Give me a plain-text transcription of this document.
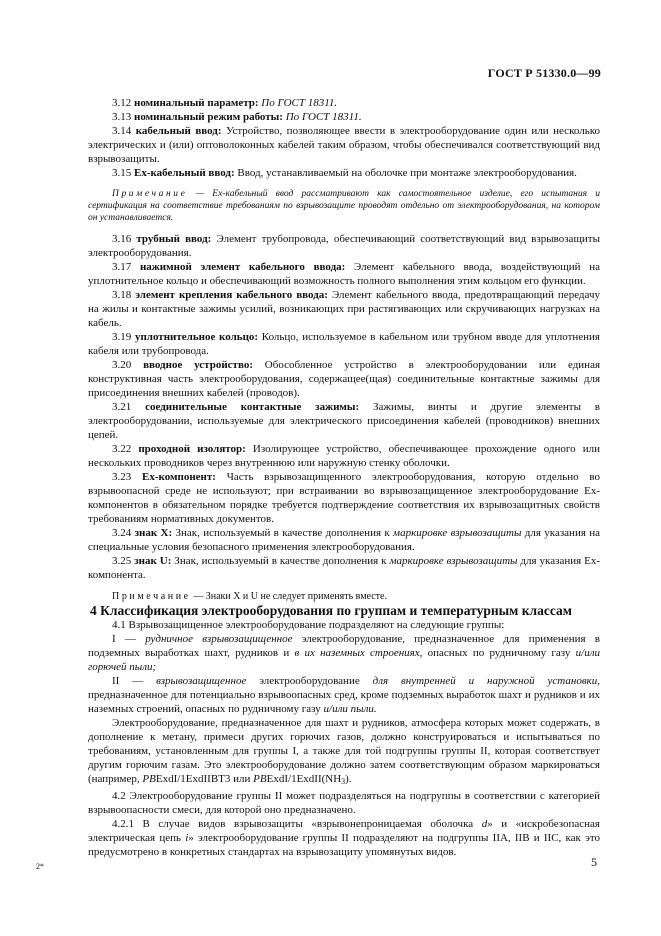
ГОСТ Р 51330.0—99

3.12 номинальный параметр: По ГОСТ 18311.

3.13 номинальный режим работы: По ГОСТ 18311.

3.14 кабельный ввод: Устройство, позволяющее ввести в электрооборудование один или несколько электрических и (или) оптоволоконных кабелей таким образом, чтобы обеспечивался соответствующий вид взрывозащиты.

3.15 Ех-кабельный ввод: Ввод, устанавливаемый на оболочке при монтаже электрооборудования.

Примечание — Ех-кабельный ввод рассматривают как самостоятельное изделие, его испытания и сертификация на соответствие требованиям по взрывозащите проводят отдельно от электрооборудования, на котором он устанавливается.

3.16 трубный ввод: Элемент трубопровода, обеспечивающий соответствующий вид взрывозащиты электрооборудования.

3.17 нажимной элемент кабельного ввода: Элемент кабельного ввода, воздействующий на уплотнительное кольцо и обеспечивающий возможность полного выполнения этим кольцом его функции.

3.18 элемент крепления кабельного ввода: Элемент кабельного ввода, предотвращающий передачу на жилы и контактные зажимы усилий, возникающих при растягивающих или скручивающих нагрузках на кабель.

3.19 уплотнительное кольцо: Кольцо, используемое в кабельном или трубном вводе для уплотнения кабеля или трубопровода.

3.20 вводное устройство: Обособленное устройство в электрооборудовании или единая конструктивная часть электрооборудования, содержащее(щая) соединительные контактные зажимы для присоединения внешних кабелей (проводов).

3.21 соединительные контактные зажимы: Зажимы, винты и другие элементы в электрооборудовании, используемые для электрического присоединения кабелей (проводников) внешних цепей.

3.22 проходной изолятор: Изолирующее устройство, обеспечивающее прохождение одного или нескольких проводников через внутреннюю или наружную стенку оболочки.

3.23 Ех-компонент: Часть взрывозащищенного электрооборудования, которую отдельно во взрывоопасной среде не используют; при встраивании во взрывозащищенное электрооборудование Ех-компонентов в обязательном порядке требуется подтверждение соответствия их взрывозащитных свойств требованиям нормативных документов.

3.24 знак X: Знак, используемый в качестве дополнения к маркировке взрывозащиты для указания на специальные условия безопасного применения электрооборудования.

3.25 знак U: Знак, используемый в качестве дополнения к маркировке взрывозащиты для указания Ех-компонента.

Примечание — Знаки X и U не следует применять вместе.

4 Классификация электрооборудования по группам и температурным классам

4.1 Взрывозащищенное электрооборудование подразделяют на следующие группы:

I — рудничное взрывозащищенное электрооборудование, предназначенное для применения в подземных выработках шахт, рудников и в их наземных строениях, опасных по рудничному газу и/или горючей пыли;

II — взрывозащищенное электрооборудование для внутренней и наружной установки, предназначенное для потенциально взрывоопасных сред, кроме подземных выработок шахт и рудников и их наземных строений, опасных по рудничному газу и/или пыли.

Электрооборудование, предназначенное для шахт и рудников, атмосфера которых может содержать, в дополнение к метану, примеси других горючих газов, должно конструироваться и испытываться по требованиям, установленным для группы I, а также для той подгруппы группы II, которая соответствует другим горючим газам. Это электрооборудование должно затем соответствующим образом маркироваться (например, PBExdI/1ExdIIBT3 или PBExdI/$1ExdII(NH_3)$.

4.2 Электрооборудование группы II может подразделяться на подгруппы в соответствии с категорией взрывоопасности смеси, для которой оно предназначено.

4.2.1 В случае видов взрывозащиты «взрывонепроницаемая оболочка d» и «искробезопасная электрическая цепь i» электрооборудование группы II подразделяют на подгруппы IIA, IIB и IIC, как это предусмотрено в конкретных стандартах на взрывозащиту упомянутых видов.

2*	5
